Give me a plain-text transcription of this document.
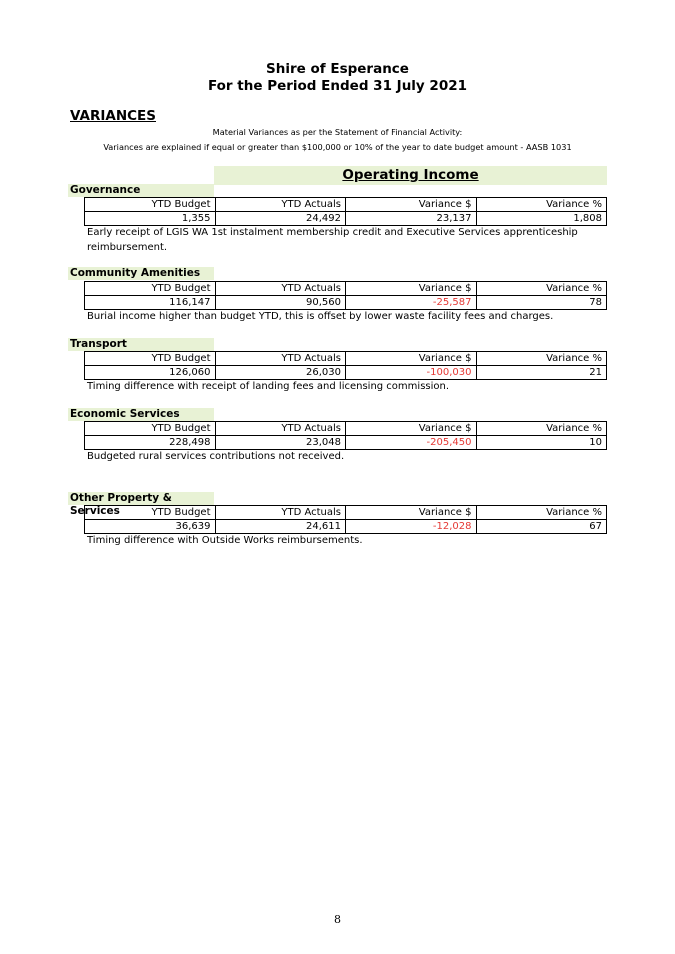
Shire of Esperance
For the Period Ended 31 July 2021
VARIANCES
Material Variances as per the Statement of Financial Activity:
Variances are explained if equal or greater than $100,000 or 10% of the year to date budget amount - AASB 1031
Operating Income
Governance
YTD Budget	YTD Actuals	Variance $	Variance %
1,355	24,492	23,137	1,808
Early receipt of LGIS WA 1st instalment membership credit and Executive Services apprenticeship
reimbursement.
Community Amenities
YTD Budget	YTD Actuals	Variance $	Variance %
116,147	90,560	-25,587	78
Burial income higher than budget YTD, this is offset by lower waste facility fees and charges.
Transport
YTD Budget	YTD Actuals	Variance $	Variance %
126,060	26,030	-100,030	21
Timing difference with receipt of landing fees and licensing commission.
Economic Services
YTD Budget	YTD Actuals	Variance $	Variance %
228,498	23,048	-205,450	10
Budgeted rural services contributions not received.
Other Property & Services	YTD Budget	YTD Actuals	Variance $	Variance %
36,639	24,611	-12,028	67
Timing difference with Outside Works reimbursements.
8
